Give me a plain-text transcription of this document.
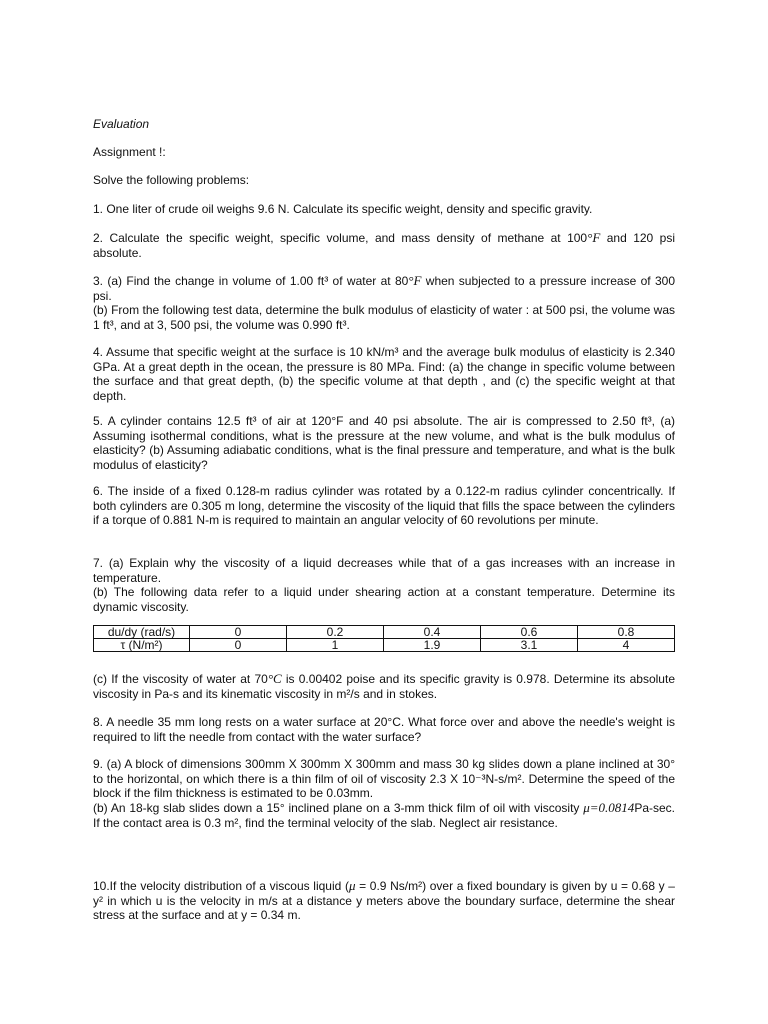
Evaluation

Assignment !:

Solve the following problems:

1. One liter of crude oil weighs 9.6 N. Calculate its specific weight, density and specific gravity.

2. Calculate the specific weight, specific volume, and mass density of methane at 100°F and 120 psi absolute.

3. (a) Find the change in volume of 1.00 ft³ of water at 80°F when subjected to a pressure increase of 300 psi.

(b) From the following test data, determine the bulk modulus of elasticity of water : at 500 psi, the volume was 1 ft³, and at 3, 500 psi, the volume was 0.990 ft³.

4. Assume that specific weight at the surface is 10 kN/m³ and the average bulk modulus of elasticity is 2.340 GPa. At a great depth in the ocean, the pressure is 80 MPa. Find: (a) the change in specific volume between the surface and that great depth, (b) the specific volume at that depth , and (c) the specific weight at that depth.

5. A cylinder contains 12.5 ft³ of air at 120°F and 40 psi absolute. The air is compressed to 2.50 ft³, (a) Assuming isothermal conditions, what is the pressure at the new volume, and what is the bulk modulus of elasticity? (b) Assuming adiabatic conditions, what is the final pressure and temperature, and what is the bulk modulus of elasticity?

6. The inside of a fixed 0.128-m radius cylinder was rotated by a 0.122-m radius cylinder concentrically. If both cylinders are 0.305 m long, determine the viscosity of the liquid that fills the space between the cylinders if a torque of 0.881 N-m is required to maintain an angular velocity of 60 revolutions per minute.

7. (a) Explain why the viscosity of a liquid decreases while that of a gas increases with an increase in temperature.

(b) The following data refer to a liquid under shearing action at a constant temperature. Determine its dynamic viscosity.

du/dy (rad/s)	0	0.2	0.4	0.6	0.8
τ (N/m²)	0	1	1.9	3.1	4

(c) If the viscosity of water at 70°C is 0.00402 poise and its specific gravity is 0.978. Determine its absolute viscosity in Pa-s and its kinematic viscosity in m²/s and in stokes.

8. A needle 35 mm long rests on a water surface at 20°C. What force over and above the needle's weight is required to lift the needle from contact with the water surface?

9. (a) A block of dimensions 300mm X 300mm X 300mm and mass 30 kg slides down a plane inclined at 30° to the horizontal, on which there is a thin film of oil of viscosity 2.3 X 10⁻³N-s/m². Determine the speed of the block if the film thickness is estimated to be 0.03mm.

(b) An 18-kg slab slides down a 15° inclined plane on a 3-mm thick film of oil with viscosity μ=0.0814Pa-sec. If the contact area is 0.3 m², find the terminal velocity of the slab. Neglect air resistance.

10.If the velocity distribution of a viscous liquid (μ = 0.9 Ns/m²) over a fixed boundary is given by u = 0.68 y – y² in which u is the velocity in m/s at a distance y meters above the boundary surface, determine the shear stress at the surface and at y = 0.34 m.
